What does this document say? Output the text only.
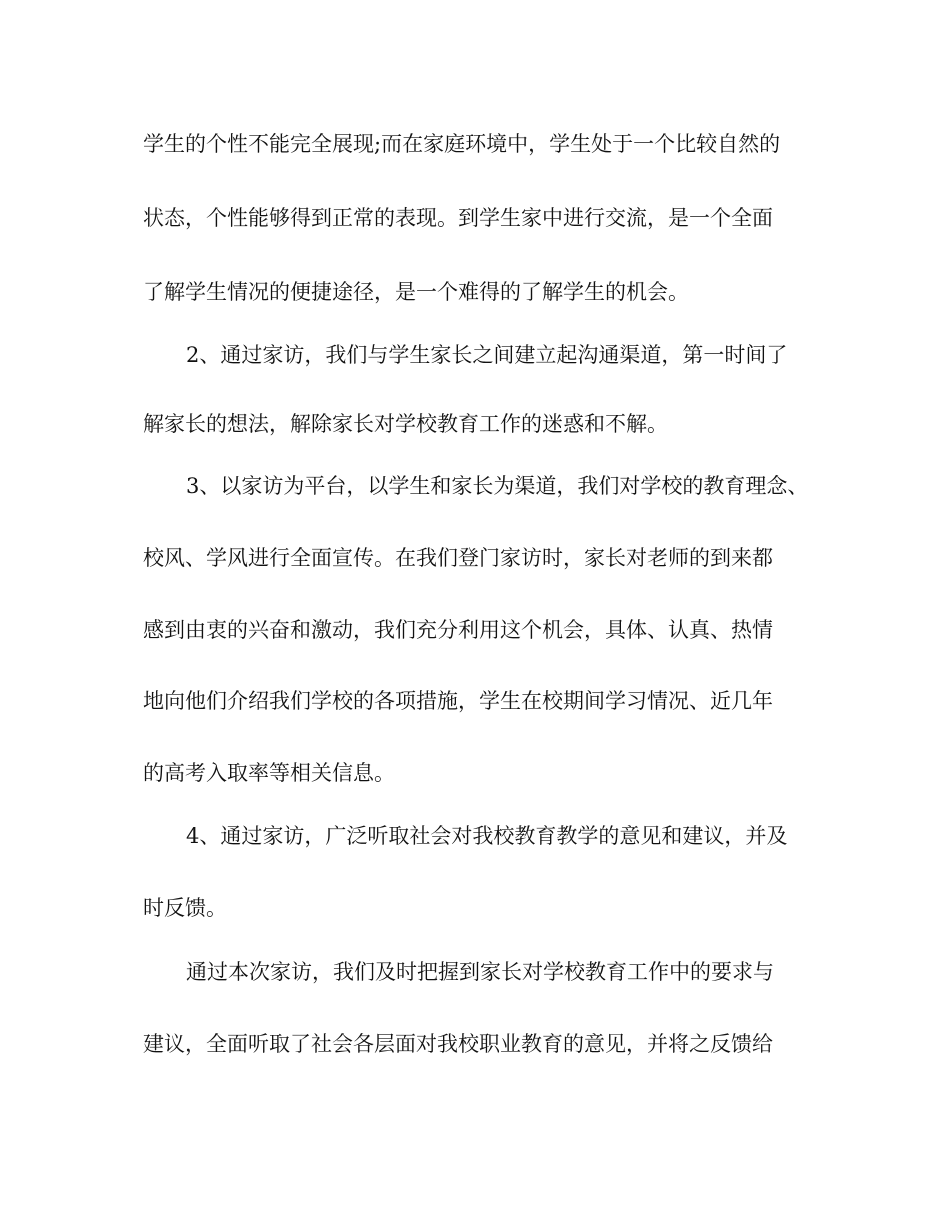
学生的个性不能完全展现;而在家庭环境中，学生处于一个比较自然的

状态，个性能够得到正常的表现。到学生家中进行交流，是一个全面

了解学生情况的便捷途径，是一个难得的了解学生的机会。

2、通过家访，我们与学生家长之间建立起沟通渠道，第一时间了

解家长的想法，解除家长对学校教育工作的迷惑和不解。

3、以家访为平台，以学生和家长为渠道，我们对学校的教育理念、

校风、学风进行全面宣传。在我们登门家访时，家长对老师的到来都

感到由衷的兴奋和激动，我们充分利用这个机会，具体、认真、热情

地向他们介绍我们学校的各项措施，学生在校期间学习情况、近几年

的高考入取率等相关信息。

4、通过家访，广泛听取社会对我校教育教学的意见和建议，并及

时反馈。

通过本次家访，我们及时把握到家长对学校教育工作中的要求与

建议，全面听取了社会各层面对我校职业教育的意见，并将之反馈给
